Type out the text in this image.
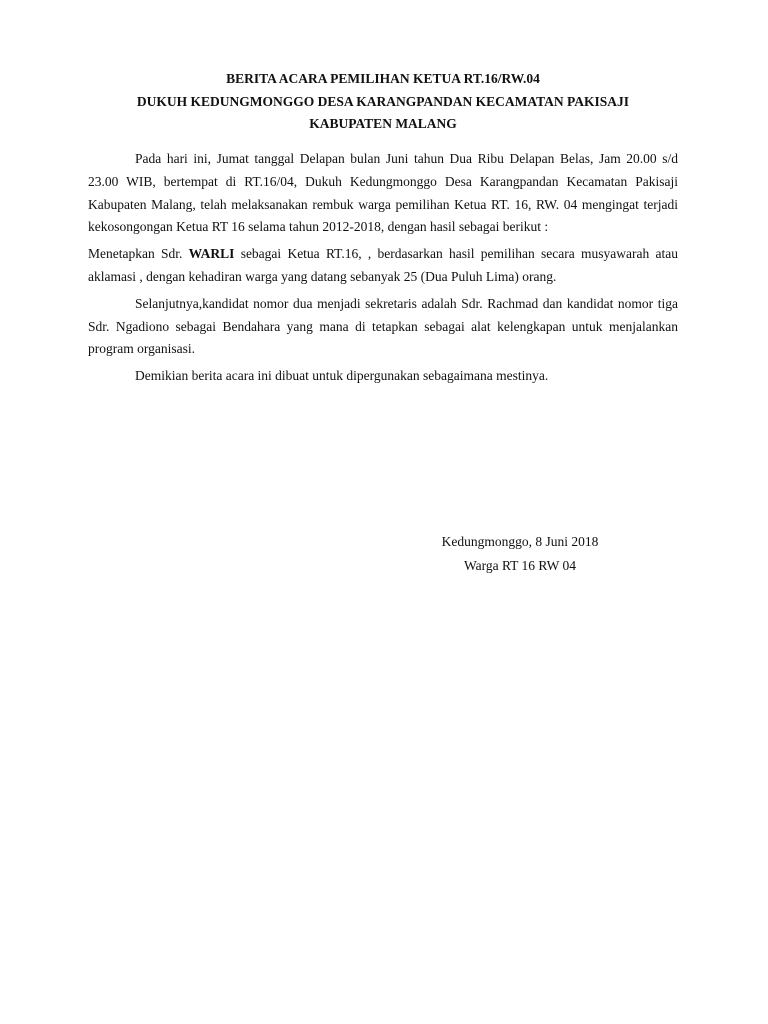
BERITA ACARA PEMILIHAN KETUA RT.16/RW.04
DUKUH KEDUNGMONGGO DESA KARANGPANDAN KECAMATAN PAKISAJI
KABUPATEN MALANG

Pada hari ini, Jumat tanggal Delapan bulan Juni tahun Dua Ribu Delapan Belas, Jam 20.00 s/d 23.00 WIB, bertempat di RT.16/04, Dukuh Kedungmonggo Desa Karangpandan Kecamatan Pakisaji Kabupaten Malang, telah melaksanakan rembuk warga pemilihan Ketua RT. 16, RW. 04 mengingat terjadi kekosongongan Ketua RT 16 selama tahun 2012-2018, dengan hasil sebagai berikut :

Menetapkan Sdr. WARLI sebagai Ketua RT.16, , berdasarkan hasil pemilihan secara musyawarah atau aklamasi , dengan kehadiran warga yang datang sebanyak 25 (Dua Puluh Lima) orang.

Selanjutnya,kandidat nomor dua menjadi sekretaris adalah Sdr. Rachmad dan kandidat nomor tiga Sdr. Ngadiono sebagai Bendahara yang mana di tetapkan sebagai alat kelengkapan untuk menjalankan program organisasi.

Demikian berita acara ini dibuat untuk dipergunakan sebagaimana mestinya.

Kedungmonggo, 8 Juni 2018
Warga RT 16 RW 04
